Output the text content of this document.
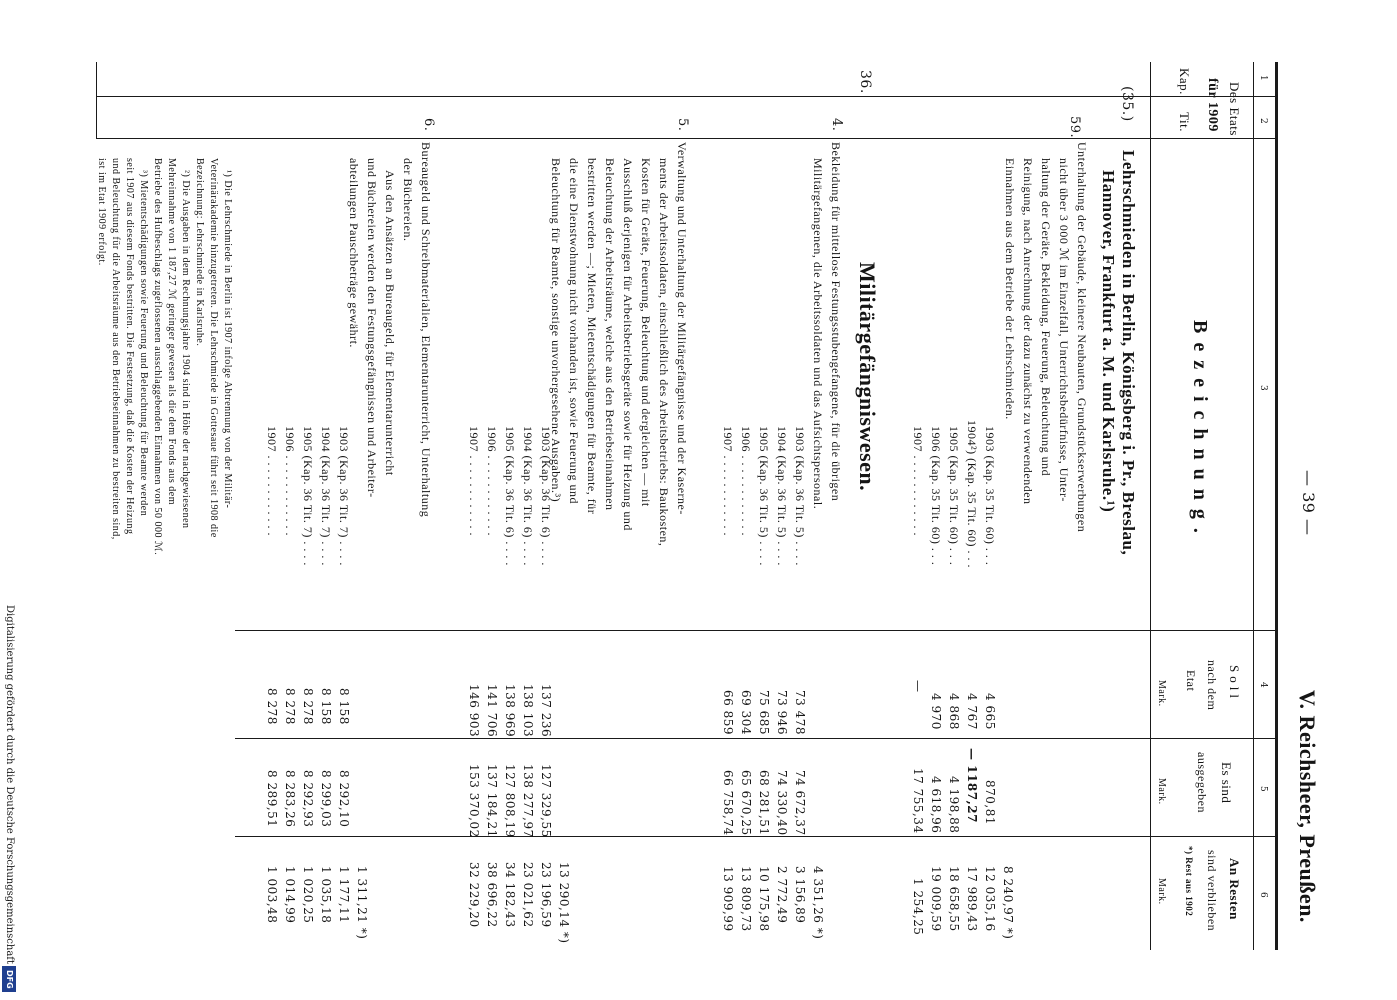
— 39 —
V. Reichsheer, Preußen.
1
2
3
4
5
6
Des Etats
für 1909
Kap.
Tit.
Bezeichnung.
Soll
nach dem
Etat
Mark.
Es sind
ausgegeben
Mark.
An Resten
sind verblieben
*) Rest aus 1902
Mark.
(35.)
36.
59.
4.
5.
6.
Lehrschmieden in Berlin, Königsberg i. Pr., Breslau,
Hannover, Frankfurt a. M. und Karlsruhe.¹)
Unterhaltung der Gebäude, kleinere Neubauten, Grundstückserwerbungen
nicht über 3 000 ℳ im Einzelfall, Unterrichtsbedürfnisse, Unter-
haltung der Geräte, Bekleidung, Feuerung, Beleuchtung und
Reinigung, nach Anrechnung der dazu zunächst zu verwendenden
Einnahmen aus dem Betriebe der Lehrschmieden.
Militärgefängniswesen.
Bekleidung für mittellose Festungsstubengefangene, für die übrigen
Militärgefangenen, die Arbeitssoldaten und das Aufsichtspersonal.
Verwaltung und Unterhaltung der Militärgefängnisse und der Kaserne-
ments der Arbeitssoldaten, einschließlich des Arbeitsbetriebs: Baukosten,
Kosten für Geräte, Feuerung, Beleuchtung und dergleichen — mit
Ausschluß derjenigen für Arbeitsbetriebsgeräte sowie für Heizung und
Beleuchtung der Arbeitsräume, welche aus den Betriebseinnahmen
bestritten werden —; Mieten, Mietentschädigungen für Beamte, für
die eine Dienstwohnung nicht vorhanden ist, sowie Feuerung und
Beleuchtung für Beamte, sonstige unvorhergesehene Ausgaben.³)
Bureaugeld und Schreibmaterialien, Elementarunterricht, Unterhaltung
der Büchereien.
Aus den Ansätzen an Bureaugeld, für Elementarunterricht
und Büchereien werden den Festungsgefängnissen und Arbeiter-
abteilungen Pauschbeträge gewährt.
1903 (Kap. 35 Tit. 60) . . .
4 665
870,81
8 240,97 *)
1904²) (Kap. 35 Tit. 60) . . .
4 767
— 1187,27
12 035,16
1905 (Kap. 35 Tit. 60) . . .
4 868
4 198,88
17 989,43
1906 (Kap. 35 Tit. 60) . . .
4 970
4 618,96
18 658,55
1907 . . . . . . . . . . . .
—
17 755,34
19 009,59
1 254,25
1903 (Kap. 36 Tit. 5) . . . .
73 478
74 672,37
4 351,26 *)
1904 (Kap. 36 Tit. 5) . . . .
73 946
74 330,40
3 156,89
1905 (Kap. 36 Tit. 5) . . . .
75 685
68 281,51
2 772,49
1906 . . . . . . . . . . . .
69 304
65 670,25
10 175,98
1907 . . . . . . . . . . . .
66 859
66 758,74
13 809,73
13 909,99
1903 (Kap. 36 Tit. 6) . . . .
137 236
127 329,55
13 290,14 *)
1904 (Kap. 36 Tit. 6) . . . .
138 103
138 277,97
23 196,59
1905 (Kap. 36 Tit. 6) . . . .
138 969
127 808,19
23 021,62
1906 . . . . . . . . . . . .
141 706
137 184,21
34 182,43
1907 . . . . . . . . . . . .
146 903
153 370,02
38 696,22
32 229,20
1903 (Kap. 36 Tit. 7) . . . .
8 158
8 292,10
1 311,21 *)
1904 (Kap. 36 Tit. 7) . . . .
8 158
8 299,03
1 177,11
1905 (Kap. 36 Tit. 7) . . . .
8 278
8 292,93
1 035,18
1906 . . . . . . . . . . . .
8 278
8 283,26
1 020,25
1907 . . . . . . . . . . . .
8 278
8 289,51
1 014,99
1 003,48
¹) Die Lehrschmiede in Berlin ist 1907 infolge Abtrennung von der Militär-
Veterinärakademie hinzugetreten. Die Lehrschmiede in Gottesaue führt seit 1908 die
Bezeichnung: Lehrschmiede in Karlsruhe.
²) Die Ausgaben in dem Rechnungsjahre 1904 sind in Höhe der nachgewiesenen
Mehreinnahme von 1 187,27 ℳ geringer gewesen als die dem Fonds aus dem
Betriebe des Hufbeschlags zugeflossenen ausschlaggebenden Einnahmen von 50 000 ℳ.
³) Mietentschädigungen sowie Feuerung und Beleuchtung für Beamte werden
seit 1907 aus diesem Fonds bestritten. Die Festsetzung, daß die Kosten der Heizung
und Beleuchtung für die Arbeitsräume aus den Betriebseinnahmen zu bestreiten sind,
ist im Etat 1909 erfolgt.
Digitalisierung gefördert durch die Deutsche Forschungsgemeinschaft
DFG
